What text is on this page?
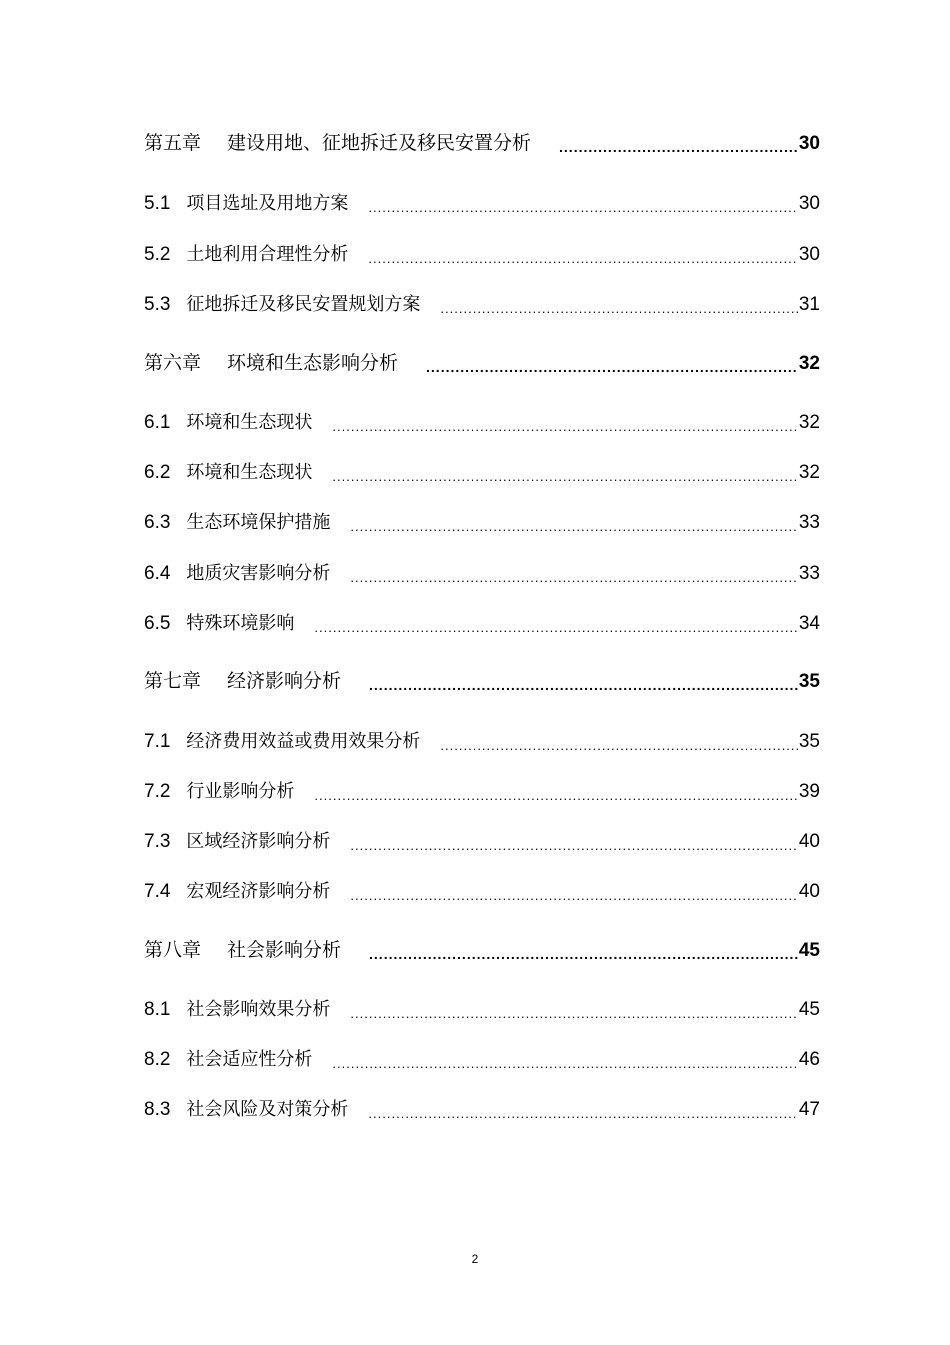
第五章 建设用地、征地拆迁及移民安置分析 .....	30
5.1 项目选址及用地方案 .....	30
5.2 土地利用合理性分析 .....	30
5.3 征地拆迁及移民安置规划方案 .....	31
第六章 环境和生态影响分析 .....	32
6.1 环境和生态现状 .....	32
6.2 环境和生态现状 .....	32
6.3 生态环境保护措施 .....	33
6.4 地质灾害影响分析 .....	33
6.5 特殊环境影响 .....	34
第七章 经济影响分析 .....	35
7.1 经济费用效益或费用效果分析 .....	35
7.2 行业影响分析 .....	39
7.3 区域经济影响分析 .....	40
7.4 宏观经济影响分析 .....	40
第八章 社会影响分析 .....	45
8.1 社会影响效果分析 .....	45
8.2 社会适应性分析 .....	46
8.3 社会风险及对策分析 .....	47
2
